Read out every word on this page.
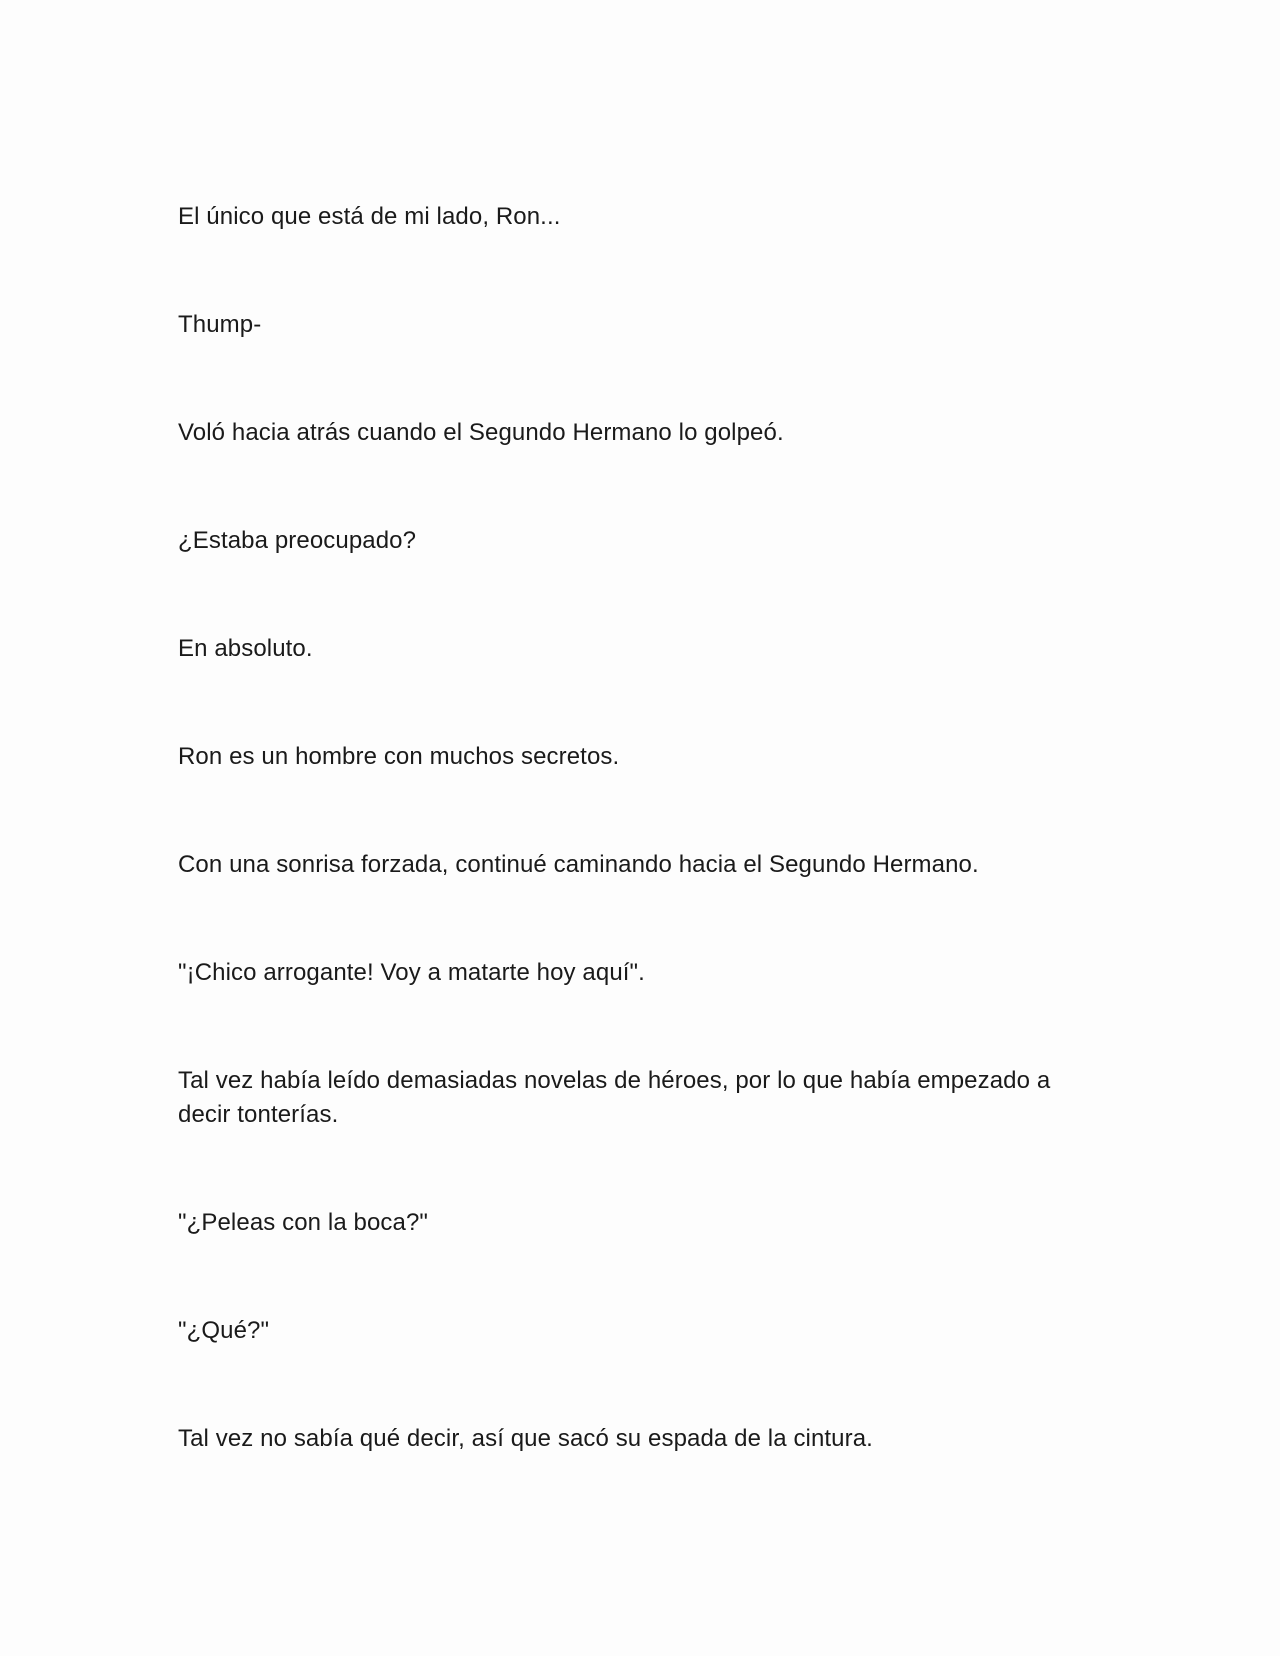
El único que está de mi lado, Ron...

Thump-

Voló hacia atrás cuando el Segundo Hermano lo golpeó.

¿Estaba preocupado?

En absoluto.

Ron es un hombre con muchos secretos.

Con una sonrisa forzada, continué caminando hacia el Segundo Hermano.

"¡Chico arrogante! Voy a matarte hoy aquí".

Tal vez había leído demasiadas novelas de héroes, por lo que había empezado a decir tonterías.

"¿Peleas con la boca?"

"¿Qué?"

Tal vez no sabía qué decir, así que sacó su espada de la cintura.
